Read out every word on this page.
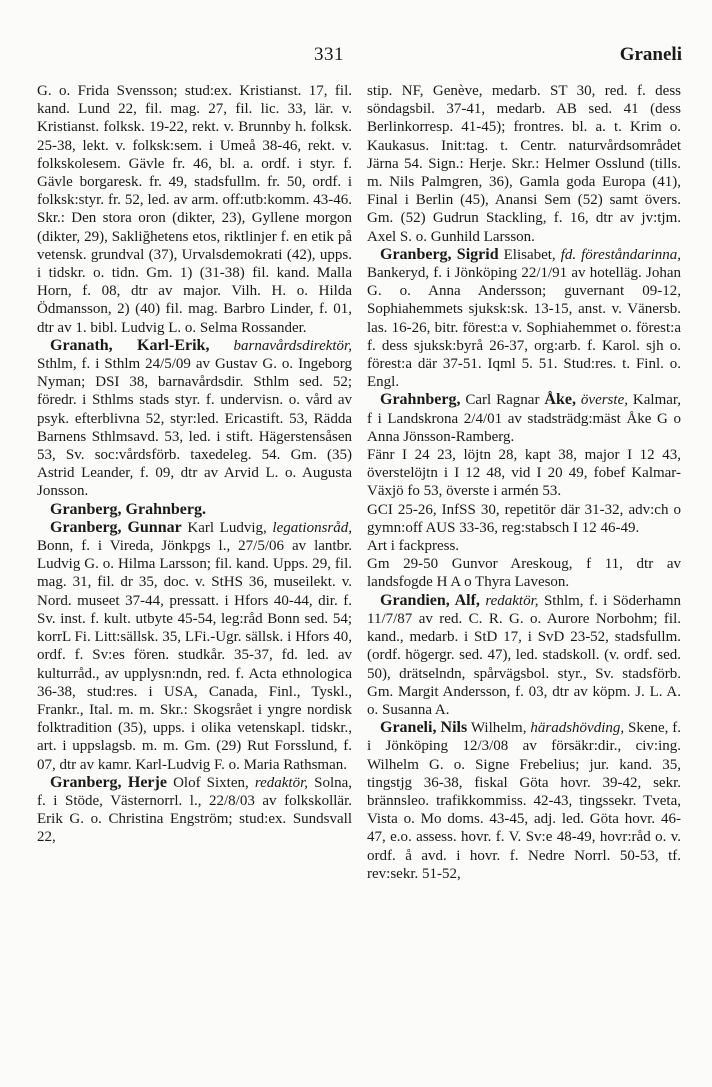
331	Graneli

G. o. Frida Svensson; stud:ex. Kristianst. 17, fil. kand. Lund 22, fil. mag. 27, fil. lic. 33, lär. v. Kristianst. folksk. 19-22, rekt. v. Brunnby h. folksk. 25-38, lekt. v. folksk:sem. i Umeå 38-46, rekt. v. folkskolesem. Gävle fr. 46, bl. a. ordf. i styr. f. Gävle borgaresk. fr. 49, stadsfullm. fr. 50, ordf. i folksk:styr. fr. 52, led. av arm. off:utb:komm. 43-46. Skr.: Den stora oron (dikter, 23), Gyllene morgon (dikter, 29), Sakliğhetens etos, riktlinjer f. en etik på vetensk. grundval (37), Urvalsdemokrati (42), upps. i tidskr. o. tidn. Gm. 1) (31-38) fil. kand. Malla Horn, f. 08, dtr av major. Vilh. H. o. Hilda Ödmansson, 2) (40) fil. mag. Barbro Linder, f. 01, dtr av 1. bibl. Ludvig L. o. Selma Rossander.

Granath, Karl-Erik, barnavårdsdirektör, Sthlm, f. i Sthlm 24/5/09 av Gustav G. o. Ingeborg Nyman; DSI 38, barnavårdsdir. Sthlm sed. 52; föredr. i Sthlms stads styr. f. undervisn. o. vård av psyk. efterblivna 52, styr:led. Ericastift. 53, Rädda Barnens Sthlmsavd. 53, led. i stift. Hägerstensåsen 53, Sv. soc:vårdsförb. taxedeleg. 54. Gm. (35) Astrid Leander, f. 09, dtr av Arvid L. o. Augusta Jonsson.

Granberg, Grahnberg.

Granberg, Gunnar Karl Ludvig, legationsråd, Bonn, f. i Vireda, Jönkpgs l., 27/5/06 av lantbr. Ludvig G. o. Hilma Larsson; fil. kand. Upps. 29, fil. mag. 31, fil. dr 35, doc. v. StHS 36, museilekt. v. Nord. museet 37-44, pressatt. i Hfors 40-44, dir. f. Sv. inst. f. kult. utbyte 45-54, leg:råd Bonn sed. 54; korrL Fi. Litt:sällsk. 35, LFi.-Ugr. sällsk. i Hfors 40, ordf. f. Sv:es fören. studkår. 35-37, fd. led. av kulturråd., av upplysn:ndn, red. f. Acta ethnologica 36-38, stud:res. i USA, Canada, Finl., Tyskl., Frankr., Ital. m. m. Skr.: Skogsrået i yngre nordisk folktradition (35), upps. i olika vetenskapl. tidskr., art. i uppslagsb. m. m. Gm. (29) Rut Forsslund, f. 07, dtr av kamr. Karl-Ludvig F. o. Maria Rathsman.

Granberg, Herje Olof Sixten, redaktör, Solna, f. i Stöde, Västernorrl. l., 22/8/03 av folkskollär. Erik G. o. Christina Engström; stud:ex. Sundsvall 22,

stip. NF, Genève, medarb. ST 30, red. f. dess söndagsbil. 37-41, medarb. AB sed. 41 (dess Berlinkorresp. 41-45); frontres. bl. a. t. Krim o. Kaukasus. Init:tag. t. Centr. naturvårdsområdet Järna 54. Sign.: Herje. Skr.: Helmer Osslund (tills. m. Nils Palmgren, 36), Gamla goda Europa (41), Final i Berlin (45), Anansi Sem (52) samt övers. Gm. (52) Gudrun Stackling, f. 16, dtr av jv:tjm. Axel S. o. Gunhild Larsson.

Granberg, Sigrid Elisabet, fd. föreståndarinna, Bankeryd, f. i Jönköping 22/1/91 av hotelläg. Johan G. o. Anna Andersson; guvernant 09-12, Sophiahemmets sjuksk:sk. 13-15, anst. v. Vänersb. las. 16-26, bitr. förest:a v. Sophiahemmet o. förest:a f. dess sjuksk:byrå 26-37, org:arb. f. Karol. sjh o. förest:a där 37-51. Iqml 5. 51. Stud:res. t. Finl. o. Engl.

Grahnberg, Carl Ragnar Åke, överste, Kalmar, f i Landskrona 2/4/01 av stadsträdg:mäst Åke G o Anna Jönsson-Ramberg.

Fänr I 24 23, löjtn 28, kapt 38, major I 12 43, överstelöjtn i I 12 48, vid I 20 49, fobef Kalmar-Växjö fo 53, överste i armén 53.

GCI 25-26, InfSS 30, repetitör där 31-32, adv:ch o gymn:off AUS 33-36, reg:stabsch I 12 46-49.

Art i fackpress.

Gm 29-50 Gunvor Areskoug, f 11, dtr av landsfogde H A o Thyra Laveson.

Grandien, Alf, redaktör, Sthlm, f. i Söderhamn 11/7/87 av red. C. R. G. o. Aurore Norbohm; fil. kand., medarb. i StD 17, i SvD 23-52, stadsfullm. (ordf. högergr. sed. 47), led. stadskoll. (v. ordf. sed. 50), drätselndn, spårvägsbol. styr., Sv. stadsförb. Gm. Margit Andersson, f. 03, dtr av köpm. J. L. A. o. Susanna A.

Graneli, Nils Wilhelm, häradshövding, Skene, f. i Jönköping 12/3/08 av försäkr:dir., civ:ing. Wilhelm G. o. Signe Frebelius; jur. kand. 35, tingstjg 36-38, fiskal Göta hovr. 39-42, sekr. brännsleo. trafikkommiss. 42-43, tingssekr. Tveta, Vista o. Mo doms. 43-45, adj. led. Göta hovr. 46-47, e.o. assess. hovr. f. V. Sv:e 48-49, hovr:råd o. v. ordf. å avd. i hovr. f. Nedre Norrl. 50-53, tf. rev:sekr. 51-52,
